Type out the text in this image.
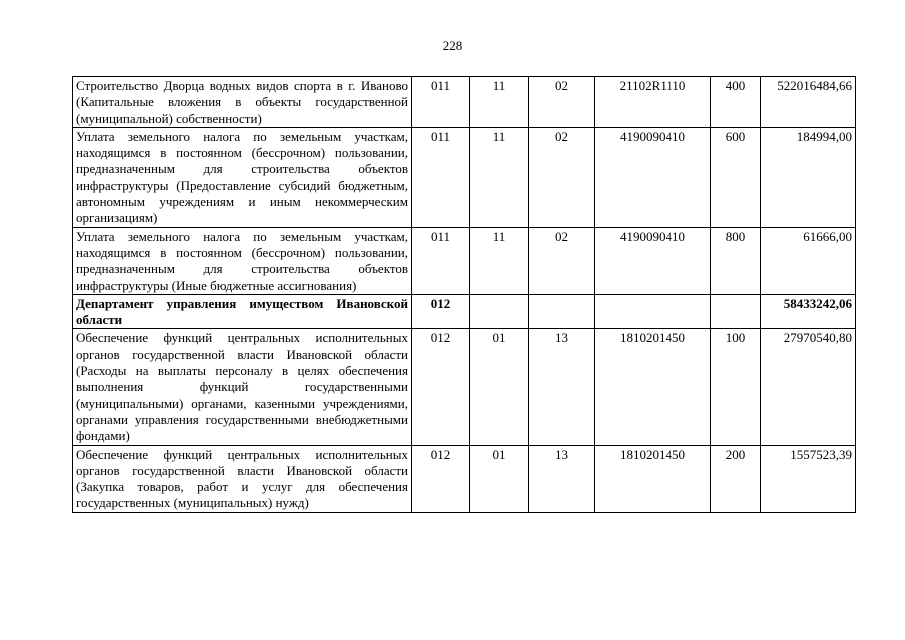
228
Строительство Дворца водных видов спорта в г. Иваново (Капитальные вложения в объекты государственной (муниципальной) собственности)	011	11	02	21102R1110	400	522016484,66
Уплата земельного налога по земельным участкам, находящимся в постоянном (бессрочном) пользовании, предназначенным для строительства объектов инфраструктуры (Предоставление субсидий бюджетным, автономным учреждениям и иным некоммерческим организациям)	011	11	02	4190090410	600	184994,00
Уплата земельного налога по земельным участкам, находящимся в постоянном (бессрочном) пользовании, предназначенным для строительства объектов инфраструктуры (Иные бюджетные ассигнования)	011	11	02	4190090410	800	61666,00
Департамент управления имуществом Ивановской области	012					58433242,06
Обеспечение функций центральных исполнительных органов государственной власти Ивановской области (Расходы на выплаты персоналу в целях обеспечения выполнения функций государственными (муниципальными) органами, казенными учреждениями, органами управления государственными внебюджетными фондами)	012	01	13	1810201450	100	27970540,80
Обеспечение функций центральных исполнительных органов государственной власти Ивановской области (Закупка товаров, работ и услуг для обеспечения государственных (муниципальных) нужд)	012	01	13	1810201450	200	1557523,39
